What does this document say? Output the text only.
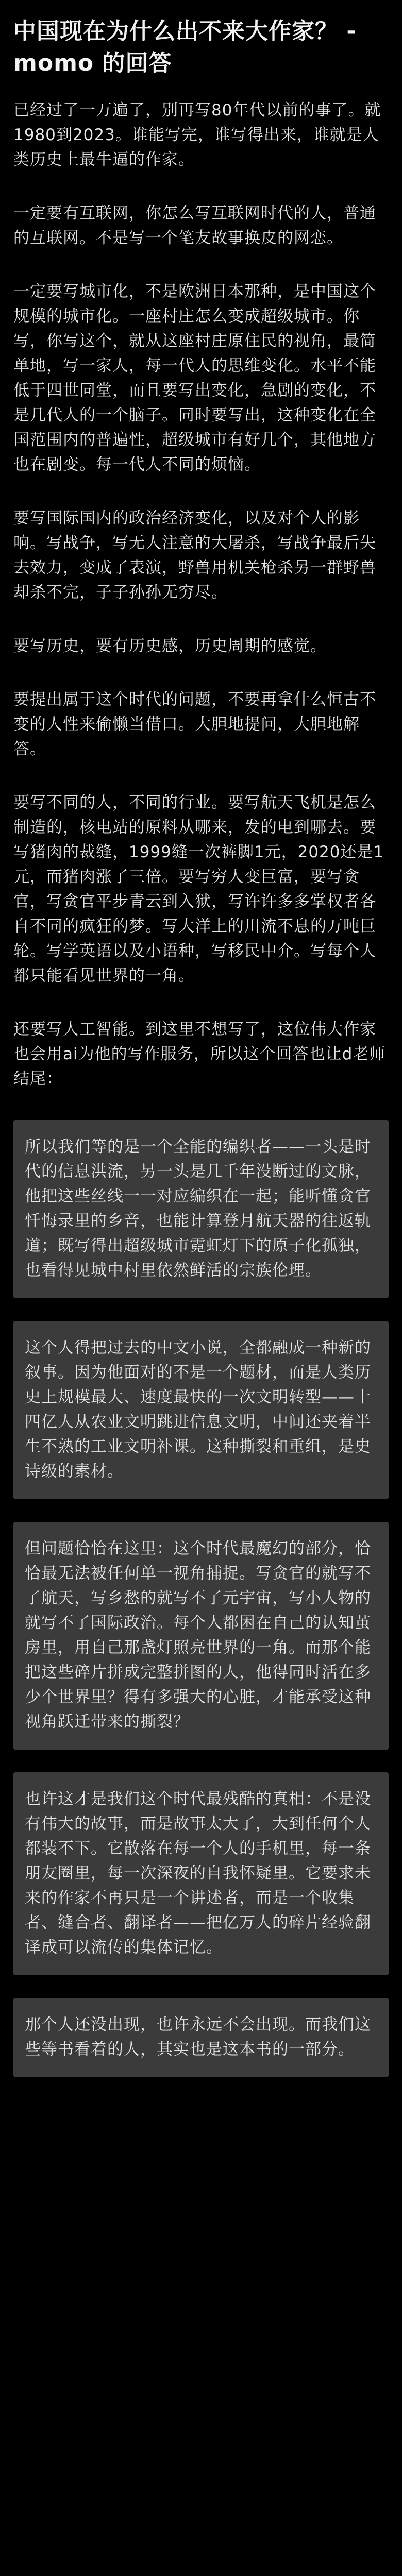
中国现在为什么出不来大作家？ - momo 的回答

已经过了一万遍了，别再写80年代以前的事了。就1980到2023。谁能写完，谁写得出来，谁就是人类历史上最牛逼的作家。

一定要有互联网，你怎么写互联网时代的人，普通的互联网。不是写一个笔友故事换皮的网恋。

一定要写城市化，不是欧洲日本那种，是中国这个规模的城市化。一座村庄怎么变成超级城市。你写，你写这个，就从这座村庄原住民的视角，最简单地，写一家人，每一代人的思维变化。水平不能低于四世同堂，而且要写出变化，急剧的变化，不是几代人的一个脑子。同时要写出，这种变化在全国范围内的普遍性，超级城市有好几个，其他地方也在剧变。每一代人不同的烦恼。

要写国际国内的政治经济变化，以及对个人的影响。写战争，写无人注意的大屠杀，写战争最后失去效力，变成了表演，野兽用机关枪杀另一群野兽却杀不完，子子孙孙无穷尽。

要写历史，要有历史感，历史周期的感觉。

要提出属于这个时代的问题，不要再拿什么恒古不变的人性来偷懒当借口。大胆地提问，大胆地解答。

要写不同的人，不同的行业。要写航天飞机是怎么制造的，核电站的原料从哪来，发的电到哪去。要写猪肉的裁缝，1999缝一次裤脚1元，2020还是1元，而猪肉涨了三倍。要写穷人变巨富，要写贪官，写贪官平步青云到入狱，写许许多多掌权者各自不同的疯狂的梦。写大洋上的川流不息的万吨巨轮。写学英语以及小语种，写移民中介。写每个人都只能看见世界的一角。

还要写人工智能。到这里不想写了，这位伟大作家也会用ai为他的写作服务，所以这个回答也让d老师结尾：

所以我们等的是一个全能的编织者——一头是时代的信息洪流，另一头是几千年没断过的文脉，他把这些丝线一一对应编织在一起；能听懂贪官忏悔录里的乡音，也能计算登月航天器的往返轨道；既写得出超级城市霓虹灯下的原子化孤独，也看得见城中村里依然鲜活的宗族伦理。

这个人得把过去的中文小说，全都融成一种新的叙事。因为他面对的不是一个题材，而是人类历史上规模最大、速度最快的一次文明转型——十四亿人从农业文明跳进信息文明，中间还夹着半生不熟的工业文明补课。这种撕裂和重组，是史诗级的素材。

但问题恰恰在这里：这个时代最魔幻的部分，恰恰最无法被任何单一视角捕捉。写贪官的就写不了航天，写乡愁的就写不了元宇宙，写小人物的就写不了国际政治。每个人都困在自己的认知茧房里，用自己那盏灯照亮世界的一角。而那个能把这些碎片拼成完整拼图的人，他得同时活在多少个世界里？得有多强大的心脏，才能承受这种视角跃迁带来的撕裂？

也许这才是我们这个时代最残酷的真相：不是没有伟大的故事，而是故事太大了，大到任何个人都装不下。它散落在每一个人的手机里，每一条朋友圈里，每一次深夜的自我怀疑里。它要求未来的作家不再只是一个讲述者，而是一个收集者、缝合者、翻译者——把亿万人的碎片经验翻译成可以流传的集体记忆。

那个人还没出现，也许永远不会出现。而我们这些等书看着的人，其实也是这本书的一部分。
